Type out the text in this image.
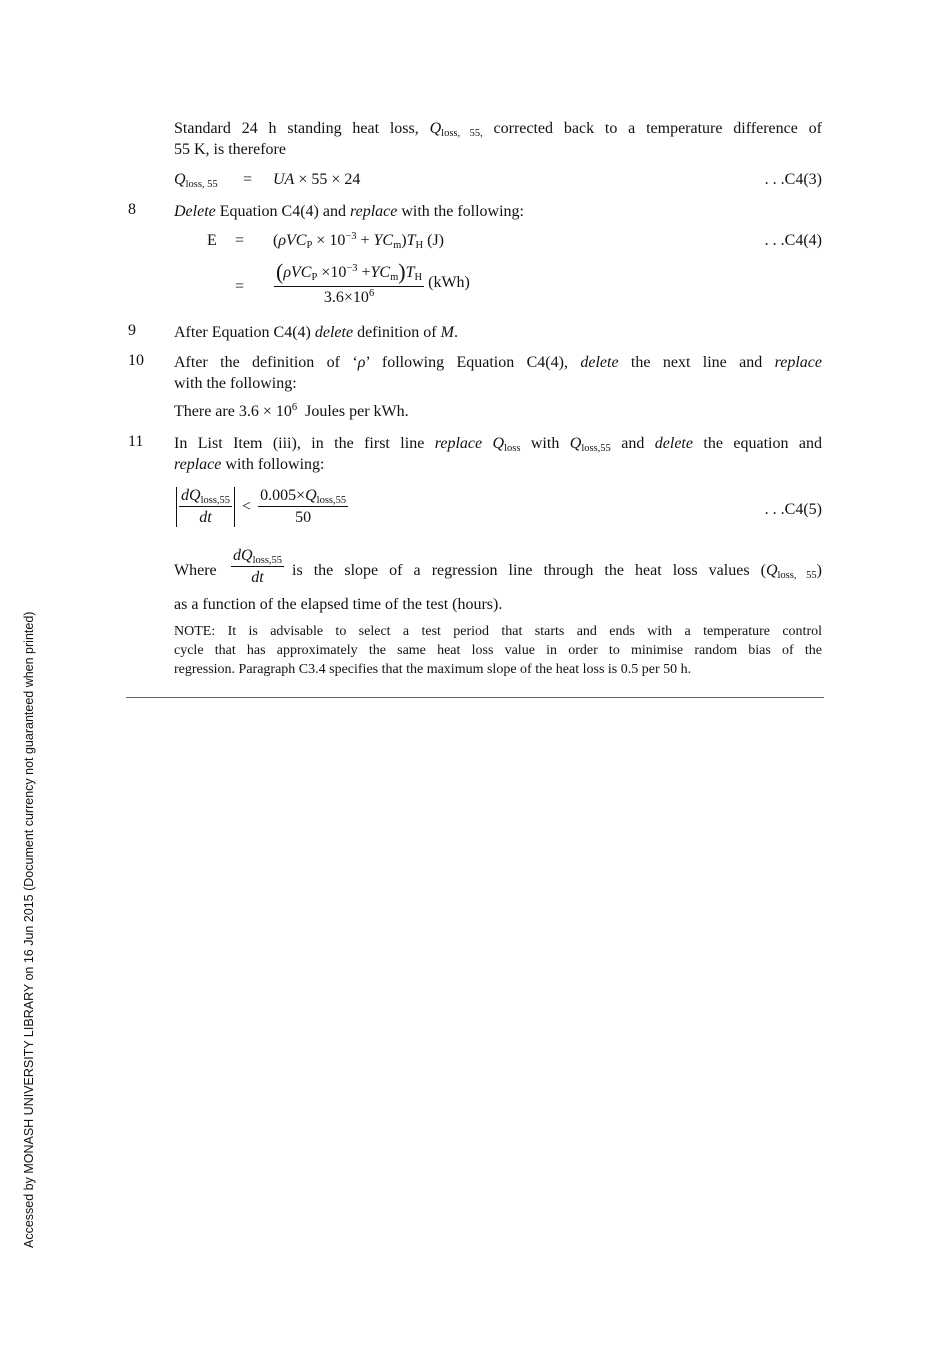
Standard 24 h standing heat loss, $Q_{loss, 55,}$ corrected back to a temperature difference of
55 K, is therefore
$Q_{loss, 55}$ = UA × 55 × 24	. . .C4(3)
8 Delete Equation C4(4) and replace with the following:
$E = (\rho VC_P \times 10^{-3} + YC_m)T_H$ (J)	. . .C4(4)
= $\frac{(\rho VC_P \times 10^{-3} +YC_m)T_H}{3.6\times 10^6} (kWh)$
9 After Equation C4(4) delete definition of M.
10 After the definition of ‘ρ’ following Equation C4(4), delete the next line and replace
with the following:
There are $3.6 \times 10^6$  Joules per kWh.
11 In List Item (iii), in the first line replace $Q_{loss}$ with $Q_{loss,55}$ and delete the equation and
replace with following:
$\frac{dQ_{loss,55}}{dt} < \frac{0.005\times Q_{loss,55}}{50}$	. . .C4(5)
Where $\frac{dQ_{loss,55}}{dt}$ is the slope of a regression line through the heat loss values $(Q_{loss, 55})$
as a function of the elapsed time of the test (hours).
NOTE: It is advisable to select a test period that starts and ends with a temperature control
cycle that has approximately the same heat loss value in order to minimise random bias of the
regression. Paragraph C3.4 specifies that the maximum slope of the heat loss is 0.5 per 50 h.
Accessed by MONASH UNIVERSITY LIBRARY on 16 Jun 2015 (Document currency not guaranteed when printed)
